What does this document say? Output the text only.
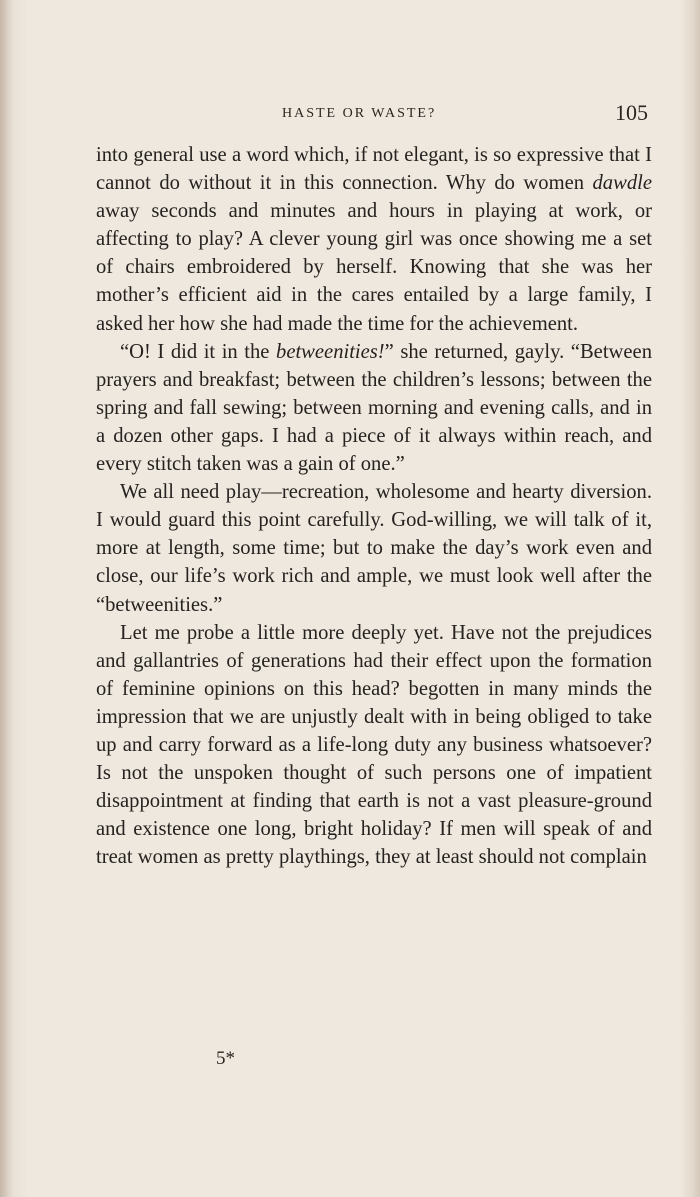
HASTE OR WASTE?	105

into general use a word which, if not elegant, is so expressive that I cannot do without it in this connection. Why do women dawdle away seconds and minutes and hours in playing at work, or affecting to play? A clever young girl was once showing me a set of chairs embroidered by herself. Knowing that she was her mother’s efficient aid in the cares entailed by a large family, I asked her how she had made the time for the achievement.

“O! I did it in the betweenities!” she returned, gayly. “Between prayers and breakfast; between the children’s lessons; between the spring and fall sewing; between morning and evening calls, and in a dozen other gaps. I had a piece of it always within reach, and every stitch taken was a gain of one.”

We all need play—recreation, wholesome and hearty diversion. I would guard this point carefully. God-willing, we will talk of it, more at length, some time; but to make the day’s work even and close, our life’s work rich and ample, we must look well after the “betweenities.”

Let me probe a little more deeply yet. Have not the prejudices and gallantries of generations had their effect upon the formation of feminine opinions on this head? begotten in many minds the impression that we are unjustly dealt with in being obliged to take up and carry forward as a life-long duty any business whatsoever? Is not the unspoken thought of such persons one of impatient disappointment at finding that earth is not a vast pleasure-ground and existence one long, bright holiday? If men will speak of and treat women as pretty playthings, they at least should not complain

5*
